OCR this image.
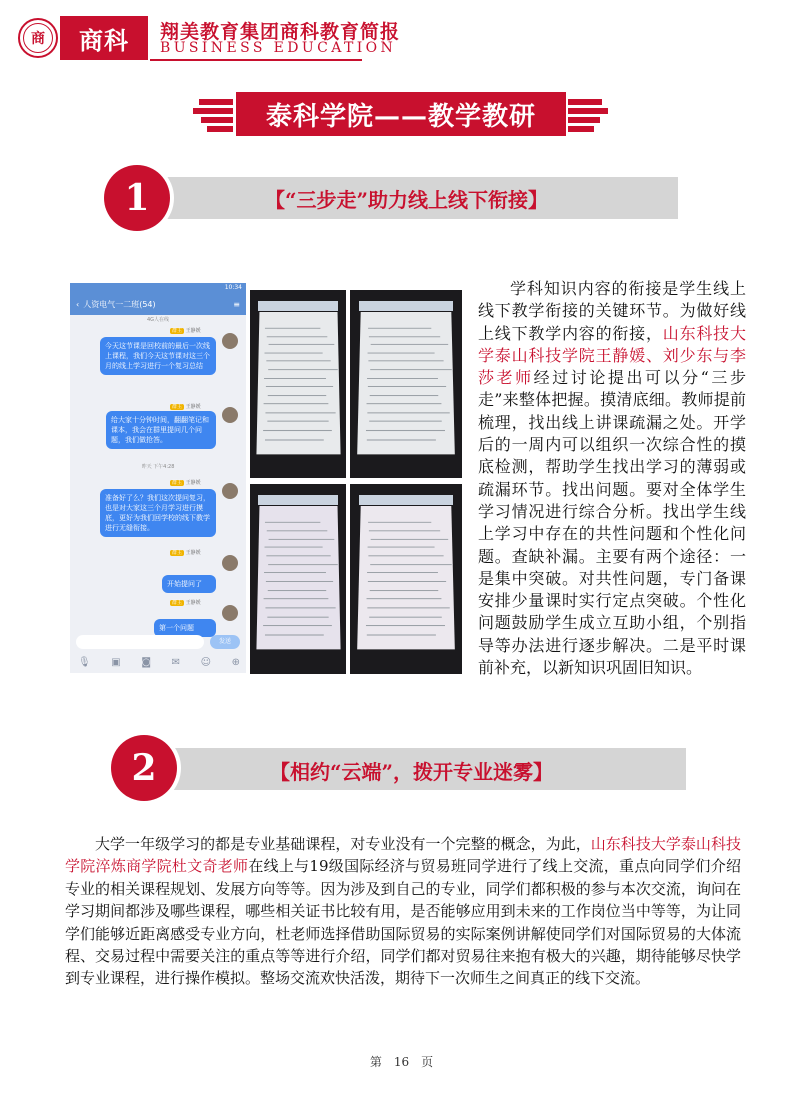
商	商科	翔美教育集团商科教育简报
BUSINESS EDUCATION
泰科学院——教学教研
1	【“三步走”助力线上线下衔接】
10:34
‹ 人资电气一二班(54)	≡
4G人在线
群主 王静媛
今天这节课是回校前的最后一次线上课程，我们今天这节课对这三个月的线上学习进行一个复习总结
群主 王静媛
给大家十分钟时间，翻翻笔记和课本，我会在群里提问几个问题，我们做抢答。
昨天 下午4:28
群主 王静媛
准备好了么？我们这次提问复习，也是对大家这三个月学习进行摸底，更好为我们回学校的线下教学进行无缝衔接。
群主 王静媛
开始提问了
群主 王静媛
第一个问题
发送
🎙 ▣ ◙ ✉ ☺ ⊕
学科知识内容的衔接是学生线上线下教学衔接的关键环节。为做好线上线下教学内容的衔接，山东科技大学泰山科技学院王静媛、刘少东与李莎老师经过讨论提出可以分“三步走”来整体把握。摸清底细。教师提前梳理，找出线上讲课疏漏之处。开学后的一周内可以组织一次综合性的摸底检测，帮助学生找出学习的薄弱或疏漏环节。找出问题。要对全体学生学习情况进行综合分析。找出学生线上学习中存在的共性问题和个性化问题。查缺补漏。主要有两个途径：一是集中突破。对共性问题，专门备课安排少量课时实行定点突破。个性化问题鼓励学生成立互助小组，个别指导等办法进行逐步解决。二是平时课前补充，以新知识巩固旧知识。
2	【相约“云端”，拨开专业迷雾】
大学一年级学习的都是专业基础课程，对专业没有一个完整的概念，为此，山东科技大学泰山科技学院淬炼商学院杜文奇老师在线上与19级国际经济与贸易班同学进行了线上交流，重点向同学们介绍专业的相关课程规划、发展方向等等。因为涉及到自己的专业，同学们都积极的参与本次交流，询问在学习期间都涉及哪些课程，哪些相关证书比较有用，是否能够应用到未来的工作岗位当中等等，为让同学们能够近距离感受专业方向，杜老师选择借助国际贸易的实际案例讲解使同学们对国际贸易的大体流程、交易过程中需要关注的重点等等进行介绍，同学们都对贸易往来抱有极大的兴趣，期待能够尽快学到专业课程，进行操作模拟。整场交流欢快活泼，期待下一次师生之间真正的线下交流。
第　16　页
